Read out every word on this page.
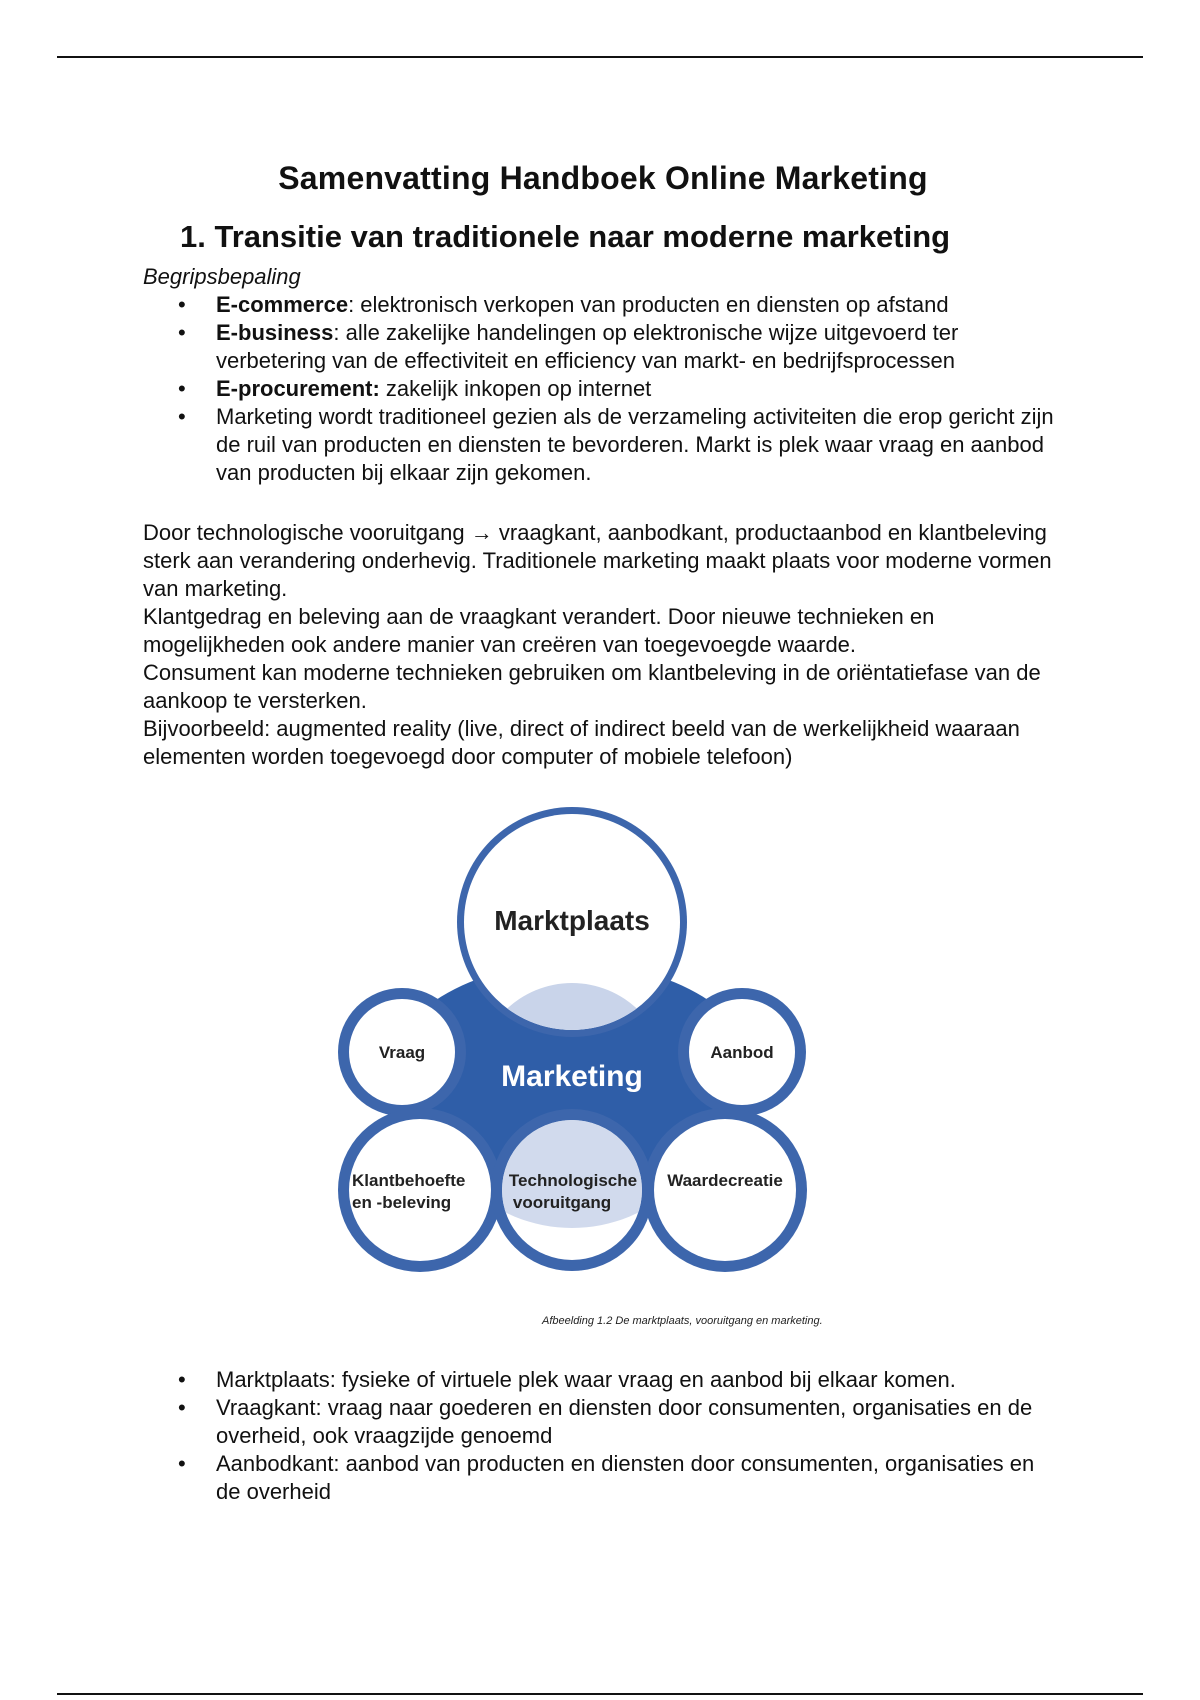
Samenvatting Handboek Online Marketing
1. Transitie van traditionele naar moderne marketing

Begripsbepaling

• E-commerce: elektronisch verkopen van producten en diensten op afstand
• E-business: alle zakelijke handelingen op elektronische wijze uitgevoerd ter verbetering van de effectiviteit en efficiency van markt- en bedrijfsprocessen
• E-procurement: zakelijk inkopen op internet
• Marketing wordt traditioneel gezien als de verzameling activiteiten die erop gericht zijn de ruil van producten en diensten te bevorderen. Markt is plek waar vraag en aanbod van producten bij elkaar zijn gekomen.

Door technologische vooruitgang → vraagkant, aanbodkant, productaanbod en klantbeleving sterk aan verandering onderhevig. Traditionele marketing maakt plaats voor moderne vormen van marketing.

Klantgedrag en beleving aan de vraagkant verandert. Door nieuwe technieken en mogelijkheden ook andere manier van creëren van toegevoegde waarde.

Consument kan moderne technieken gebruiken om klantbeleving in de oriëntatiefase van de aankoop te versterken.

Bijvoorbeeld: augmented reality (live, direct of indirect beeld van de werkelijkheid waaraan elementen worden toegevoegd door computer of mobiele telefoon)

Marktplaats
Marketing
Vraag	Aanbod
Klantbehoefte
en -beleving
Technologische
vooruitgang
Waardecreatie
Afbeelding 1.2 De marktplaats, vooruitgang en marketing.
• Marktplaats: fysieke of virtuele plek waar vraag en aanbod bij elkaar komen.
• Vraagkant: vraag naar goederen en diensten door consumenten, organisaties en de overheid, ook vraagzijde genoemd
• Aanbodkant: aanbod van producten en diensten door consumenten, organisaties en de overheid
